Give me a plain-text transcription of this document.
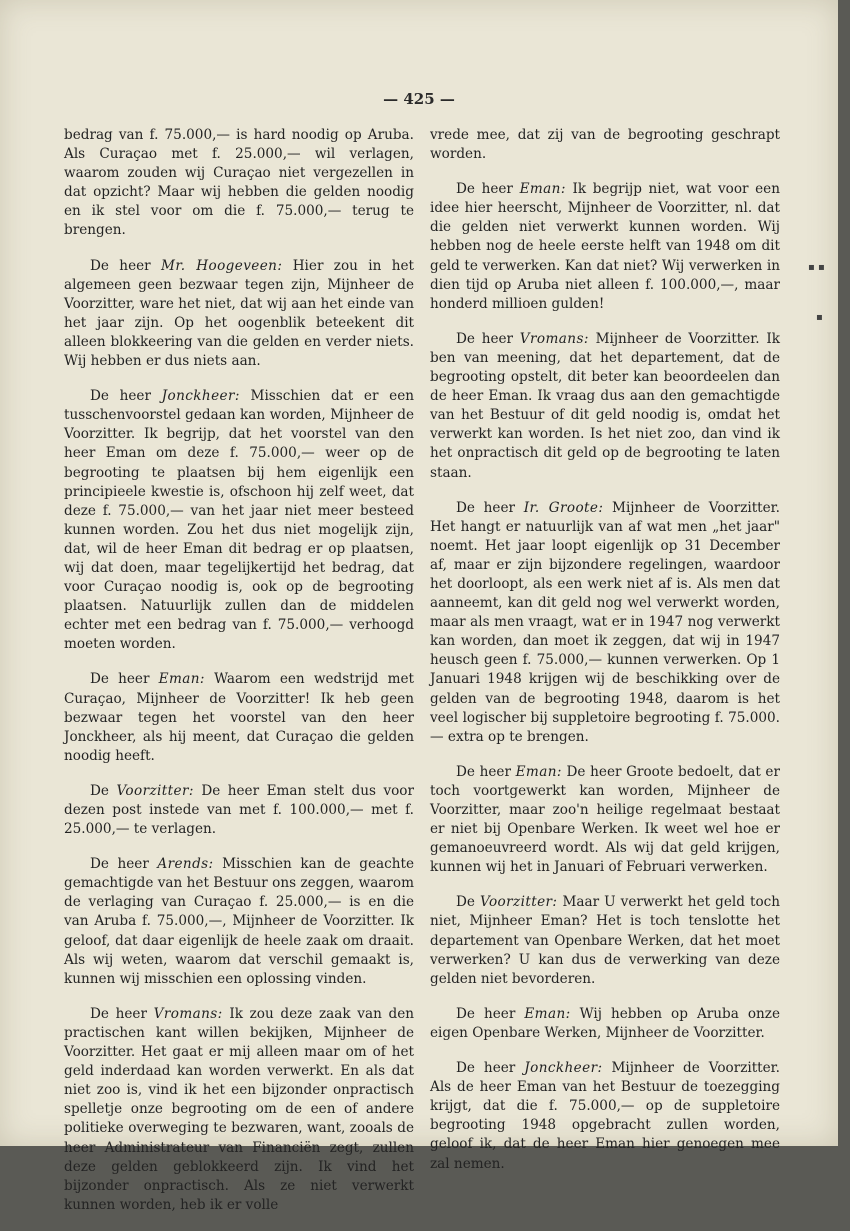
— 425 —

bedrag van f. 75.000,— is hard noodig op Aruba. Als Curaçao met f. 25.000,— wil verlagen, waarom zouden wij Curaçao niet vergezellen in dat opzicht? Maar wij hebben die gelden noodig en ik stel voor om die f. 75.000,— terug te brengen.

De heer Mr. Hoogeveen: Hier zou in het algemeen geen bezwaar tegen zijn, Mijnheer de Voorzitter, ware het niet, dat wij aan het einde van het jaar zijn. Op het oogenblik beteekent dit alleen blokkeering van die gelden en verder niets. Wij hebben er dus niets aan.

De heer Jonckheer: Misschien dat er een tusschenvoorstel gedaan kan worden, Mijnheer de Voorzitter. Ik begrijp, dat het voorstel van den heer Eman om deze f. 75.000,— weer op de begrooting te plaatsen bij hem eigenlijk een principieele kwestie is, ofschoon hij zelf weet, dat deze f. 75.000,— van het jaar niet meer besteed kunnen worden. Zou het dus niet mogelijk zijn, dat, wil de heer Eman dit bedrag er op plaatsen, wij dat doen, maar tegelijkertijd het bedrag, dat voor Curaçao noodig is, ook op de begrooting plaatsen. Natuurlijk zullen dan de middelen echter met een bedrag van f. 75.000,— verhoogd moeten worden.

De heer Eman: Waarom een wedstrijd met Curaçao, Mijnheer de Voorzitter! Ik heb geen bezwaar tegen het voorstel van den heer Jonckheer, als hij meent, dat Curaçao die gelden noodig heeft.

De Voorzitter: De heer Eman stelt dus voor dezen post instede van met f. 100.000,— met f. 25.000,— te verlagen.

De heer Arends: Misschien kan de geachte gemachtigde van het Bestuur ons zeggen, waarom de verlaging van Curaçao f. 25.000,— is en die van Aruba f. 75.000,—, Mijnheer de Voorzitter. Ik geloof, dat daar eigenlijk de heele zaak om draait. Als wij weten, waarom dat verschil gemaakt is, kunnen wij misschien een oplossing vinden.

De heer Vromans: Ik zou deze zaak van den practischen kant willen bekijken, Mijnheer de Voorzitter. Het gaat er mij alleen maar om of het geld inderdaad kan worden verwerkt. En als dat niet zoo is, vind ik het een bijzonder onpractisch spelletje onze begrooting om de een of andere politieke overweging te bezwaren, want, zooals de heer Administrateur van Financiën zegt, zullen deze gelden geblokkeerd zijn. Ik vind het bijzonder onpractisch. Als ze niet verwerkt kunnen worden, heb ik er volle

vrede mee, dat zij van de begrooting geschrapt worden.

De heer Eman: Ik begrijp niet, wat voor een idee hier heerscht, Mijnheer de Voorzitter, nl. dat die gelden niet verwerkt kunnen worden. Wij hebben nog de heele eerste helft van 1948 om dit geld te verwerken. Kan dat niet? Wij verwerken in dien tijd op Aruba niet alleen f. 100.000,—, maar honderd millioen gulden!

De heer Vromans: Mijnheer de Voorzitter. Ik ben van meening, dat het departement, dat de begrooting opstelt, dit beter kan beoordeelen dan de heer Eman. Ik vraag dus aan den gemachtigde van het Bestuur of dit geld noodig is, omdat het verwerkt kan worden. Is het niet zoo, dan vind ik het onpractisch dit geld op de begrooting te laten staan.

De heer Ir. Groote: Mijnheer de Voorzitter. Het hangt er natuurlijk van af wat men „het jaar" noemt. Het jaar loopt eigenlijk op 31 December af, maar er zijn bijzondere regelingen, waardoor het doorloopt, als een werk niet af is. Als men dat aanneemt, kan dit geld nog wel verwerkt worden, maar als men vraagt, wat er in 1947 nog verwerkt kan worden, dan moet ik zeggen, dat wij in 1947 heusch geen f. 75.000,— kunnen verwerken. Op 1 Januari 1948 krijgen wij de beschikking over de gelden van de begrooting 1948, daarom is het veel logischer bij suppletoire begrooting f. 75.000.— extra op te brengen.

De heer Eman: De heer Groote bedoelt, dat er toch voortgewerkt kan worden, Mijnheer de Voorzitter, maar zoo'n heilige regelmaat bestaat er niet bij Openbare Werken. Ik weet wel hoe er gemanoeuvreerd wordt. Als wij dat geld krijgen, kunnen wij het in Januari of Februari verwerken.

De Voorzitter: Maar U verwerkt het geld toch niet, Mijnheer Eman? Het is toch tenslotte het departement van Openbare Werken, dat het moet verwerken? U kan dus de verwerking van deze gelden niet bevorderen.

De heer Eman: Wij hebben op Aruba onze eigen Openbare Werken, Mijnheer de Voorzitter.

De heer Jonckheer: Mijnheer de Voorzitter. Als de heer Eman van het Bestuur de toezegging krijgt, dat die f. 75.000,— op de suppletoire begrooting 1948 opgebracht zullen worden, geloof ik, dat de heer Eman hier genoegen mee zal nemen.

▪ ▪
▪
